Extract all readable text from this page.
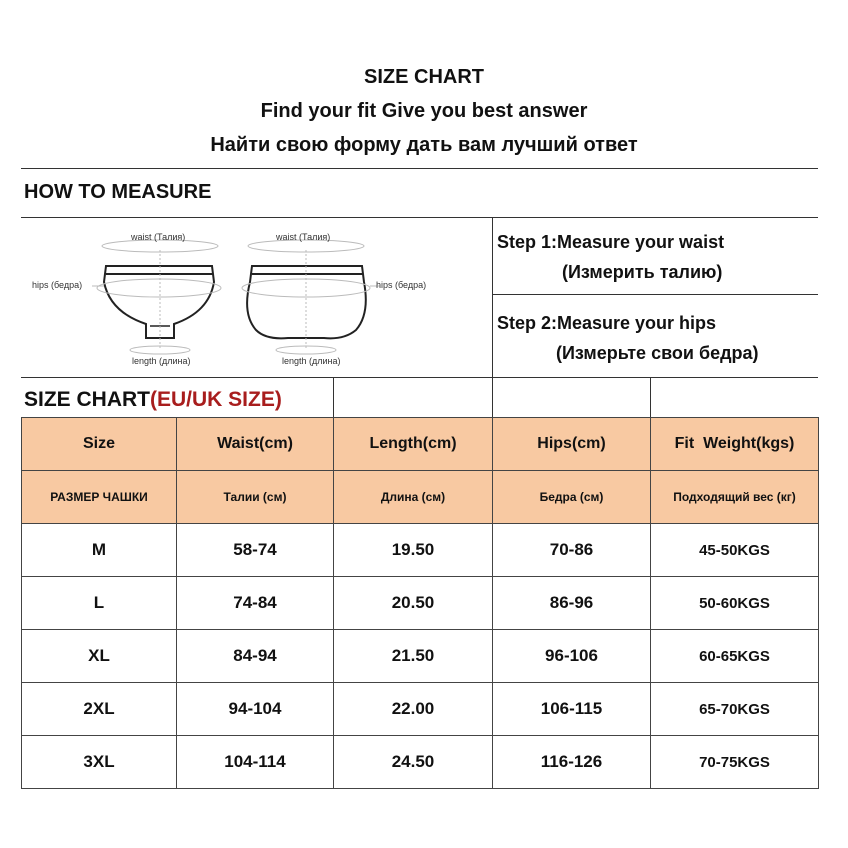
SIZE CHART
Find your fit Give you best answer
Найти свою форму дать вам лучший ответ
HOW TO MEASURE
waist (Талия)	waist (Талия)
hips (бедра)	hips (бедра)
length (длина)	length (длина)
Step 1:Measure your waist
(Измерить талию)
Step 2:Measure your hips
(Измерьте свои бедра)
SIZE CHART(EU/UK SIZE)
Size	Waist(cm)	Length(cm)	Hips(cm)	Fit  Weight(kgs)
РАЗМЕР ЧАШКИ	Талии (см)	Длина (см)	Бедра (см)	Подходящий вес (кг)
M	58-74	19.50	70-86	45-50KGS
L	74-84	20.50	86-96	50-60KGS
XL	84-94	21.50	96-106	60-65KGS
2XL	94-104	22.00	106-115	65-70KGS
3XL	104-114	24.50	116-126	70-75KGS
